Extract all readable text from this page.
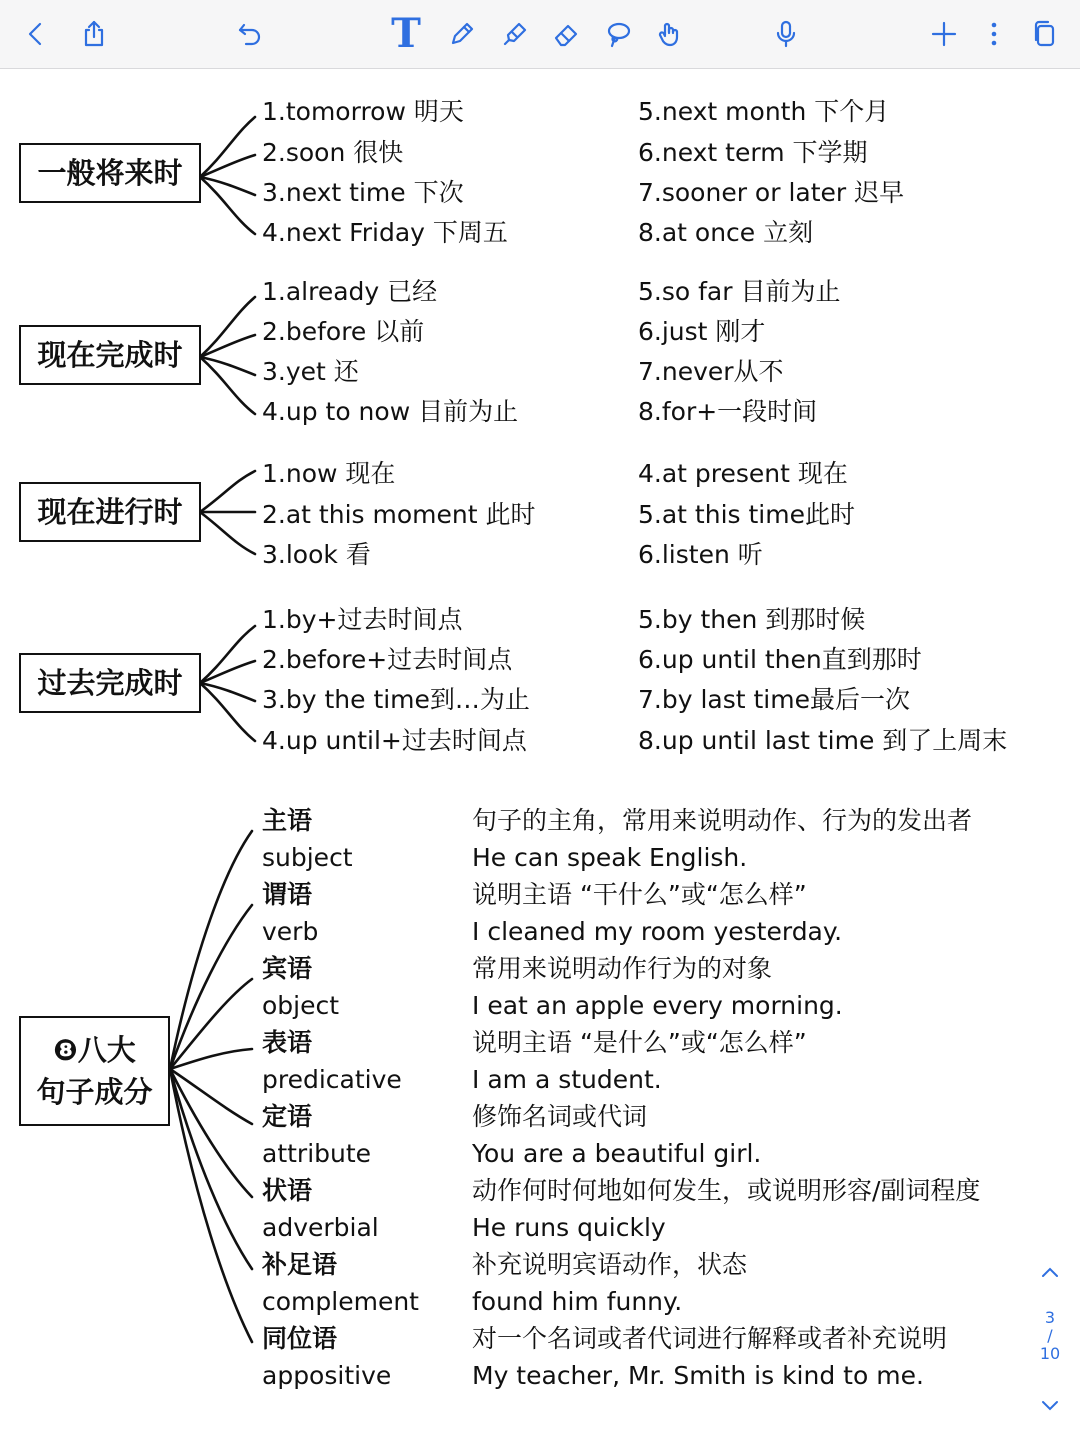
T
一般将来时
1.tomorrow 明天
2.soon 很快
3.next time 下次
4.next Friday 下周五
5.next month 下个月
6.next term 下学期
7.sooner or later 迟早
8.at once 立刻
现在完成时
1.already 已经
2.before 以前
3.yet 还
4.up to now 目前为止
5.so far 目前为止
6.just 刚才
7.never从不
8.for+一段时间
现在进行时
1.now 现在
2.at this moment 此时
3.look 看
4.at present 现在
5.at this time此时
6.listen 听
过去完成时
1.by+过去时间点
2.before+过去时间点
3.by the time到…为止
4.up until+过去时间点
5.by then 到那时候
6.up until then直到那时
7.by last time最后一次
8.up until last time 到了上周末
❽八大
句子成分
主语
subject
句子的主角，常用来说明动作、行为的发出者
He can speak English.
谓语
verb
说明主语 “干什么”或“怎么样”
I cleaned my room yesterday.
宾语
object
常用来说明动作行为的对象
I eat an apple every morning.
表语
predicative
说明主语 “是什么”或“怎么样”
I am a student.
定语
attribute
修饰名词或代词
You are a beautiful girl.
状语
adverbial
动作何时何地如何发生，或说明形容/副词程度
He runs quickly
补足语
complement
补充说明宾语动作，状态
found him funny.
同位语
appositive
对一个名词或者代词进行解释或者补充说明
My teacher, Mr. Smith is kind to me.
3
/
10
